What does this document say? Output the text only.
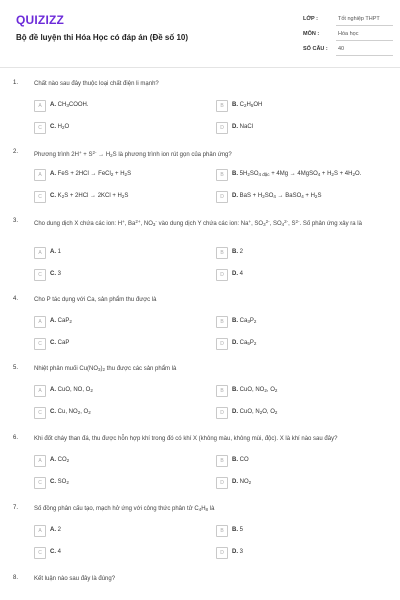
QUIZIZZ
Bộ đề luyện thi Hóa Học có đáp án (Đề số 10)
LỚP :	Tốt nghiệp THPT
MÔN :	Hóa học
SỐ CÂU : 40
1.	Chất nào sau đây thuộc loại chất điện li mạnh?
A	A. $CH_3COOH$.	B	B. $C_2H_5OH$
C	C. $H_2O$	D	D. NaCl
2.	Phương trình $2H^+ + S^{2-} \to H_2S$ là phương trình ion rút gọn của phản ứng?
A	A. FeS + 2HCl → FeCl$_2$ + $H_2S$	B	B. $5H_2SO_{4 đặc} + 4Mg$ → 4MgSO$_4$ + $H_2S + 4H_2O$.
C	C. $K_2S + 2HCl \to 2KCl + H_2S$	D	D. BaS + $H_2SO_4$ → BaSO$_4$ + $H_2S$
3.	Cho dung dịch X chứa các ion: H+, $Ba^{2+}$, $NO_3^-$ vào dung dịch Y chứa các ion: Na+, $SO_3^{2-}$, $SO_4^{2-}$, $S^{2-}$. Số phản ứng xảy ra là
A	A. 1	B	B. 2
C	C. 3	D	D. 4
4.	Cho P tác dụng với Ca, sản phẩm thu được là
A	A. CaP$_2$	B	B. $Ca_3P_2$
C	C. CaP	D	D. $Ca_5P_2$
5.	Nhiệt phân muối $Cu(NO_3)_2$ thu được các sản phẩm là
A	A. CuO, NO, $O_2$	B	B. CuO, $NO_2$, $O_2$
C	C. Cu, $NO_2$, $O_2$	D	D. CuO, $N_2O$, $O_2$
6.	Khi đốt cháy than đá, thu được hỗn hợp khí trong đó có khí X (không màu, không mùi, độc). X là khí nào sau đây?
A	A. $CO_2$	B	B. CO
C	C. $SO_2$	D	D. $NO_2$
7.	Số đồng phân cấu tạo, mạch hở ứng với công thức phân tử $C_4H_8$ là
A	A. 2	B	B. 5
C	C. 4	D	D. 3
8.	Kết luận nào sau đây là đúng?
